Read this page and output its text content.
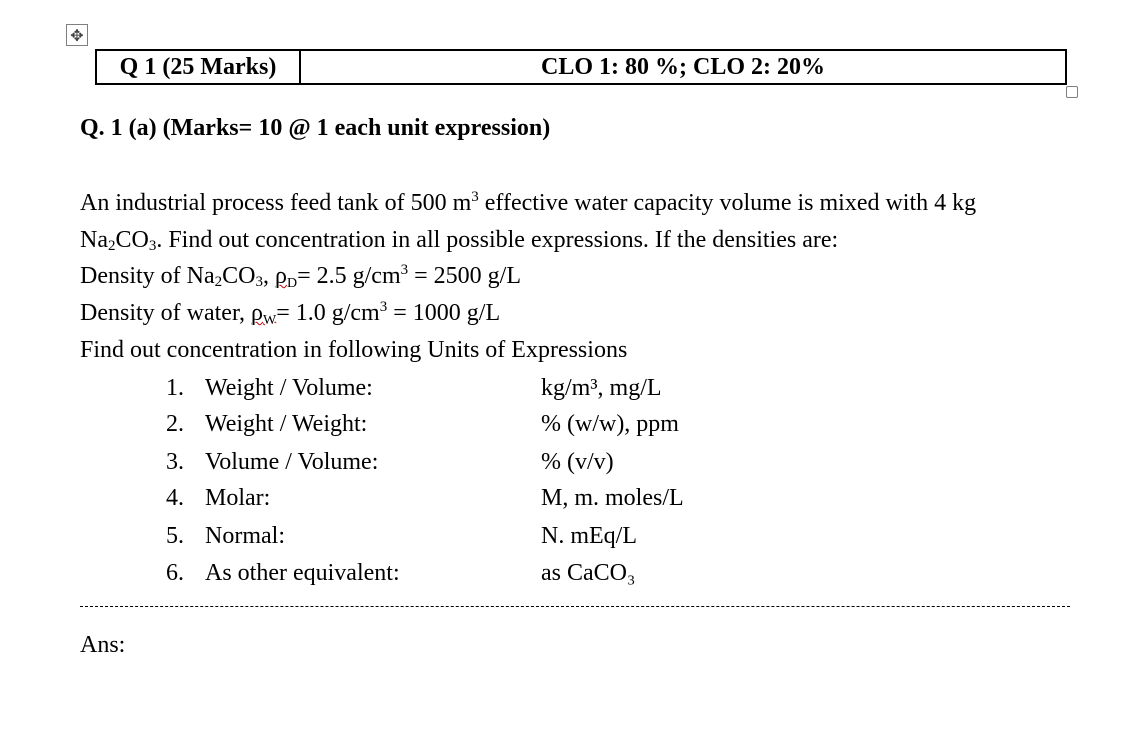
✥
Q 1 (25 Marks)	CLO 1: 80 %; CLO 2: 20%
Q. 1 (a) (Marks= 10 @ 1 each unit expression)
An industrial process feed tank of 500 $m^3$ effective water capacity volume is mixed with 4 kg
$Na_2CO_3$. Find out concentration in all possible expressions. If the densities are:
Density of $Na_2CO_3$, $\rho_D= 2.5$ $g/cm^3 = 2500$ g/L
Density of water, $\rho_W= 1.0$ $g/cm^3 = 1000$ g/L
Find out concentration in following Units of Expressions
1. Weight / Volume:	kg/m³, mg/L
2. Weight / Weight:	% (w/w), ppm
3. Volume / Volume:	% (v/v)
4. Molar:	M, m. moles/L
5. Normal:	N. mEq/L
6. As other equivalent:	as CaCO₃
Ans:
